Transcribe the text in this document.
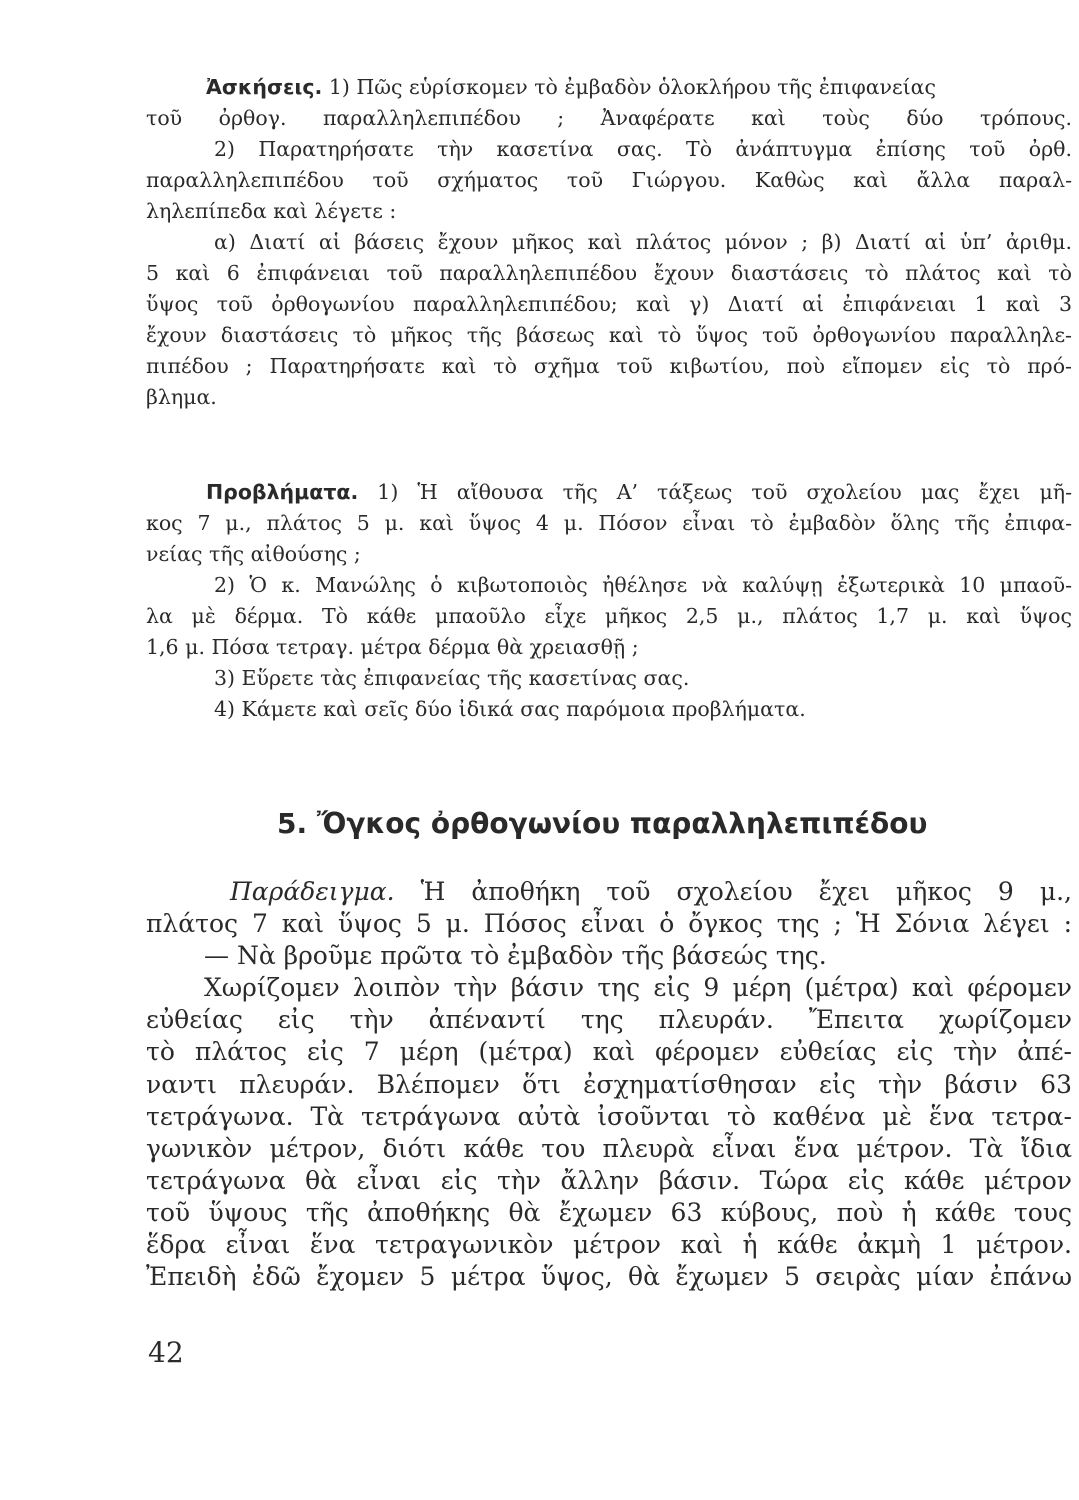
Ἀσκήσεις. 1) Πῶς εὑρίσκομεν τὸ ἐμβαδὸν ὁλοκλήρου τῆς ἐπιφανείας
τοῦ ὀρθογ. παραλληλεπιπέδου ; Ἀναφέρατε καὶ τοὺς δύο τρόπους.
2) Παρατηρήσατε τὴν κασετίνα σας. Τὸ ἀνάπτυγμα ἐπίσης τοῦ ὀρθ.
παραλληλεπιπέδου τοῦ σχήματος τοῦ Γιώργου. Καθὼς καὶ ἄλλα παραλ-
ληλεπίπεδα καὶ λέγετε :
α) Διατί αἱ βάσεις ἔχουν μῆκος καὶ πλάτος μόνον ; β) Διατί αἱ ὑπ’ ἀριθμ.
5 καὶ 6 ἐπιφάνειαι τοῦ παραλληλεπιπέδου ἔχουν διαστάσεις τὸ πλάτος καὶ τὸ
ὕψος τοῦ ὀρθογωνίου παραλληλεπιπέδου; καὶ γ) Διατί αἱ ἐπιφάνειαι 1 καὶ 3
ἔχουν διαστάσεις τὸ μῆκος τῆς βάσεως καὶ τὸ ὕψος τοῦ ὀρθογωνίου παραλληλε-
πιπέδου ; Παρατηρήσατε καὶ τὸ σχῆμα τοῦ κιβωτίου, ποὺ εἴπομεν εἰς τὸ πρό-
βλημα.
Προβλήματα. 1) Ἡ αἴθουσα τῆς Α’ τάξεως τοῦ σχολείου μας ἔχει μῆ-
κος 7 μ., πλάτος 5 μ. καὶ ὕψος 4 μ. Πόσον εἶναι τὸ ἐμβαδὸν ὅλης τῆς ἐπιφα-
νείας τῆς αἰθούσης ;
2) Ὁ κ. Μανώλης ὁ κιβωτοποιὸς ἠθέλησε νὰ καλύψῃ ἐξωτερικὰ 10 μπαοῦ-
λα μὲ δέρμα. Τὸ κάθε μπαοῦλο εἶχε μῆκος 2,5 μ., πλάτος 1,7 μ. καὶ ὕψος
1,6 μ. Πόσα τετραγ. μέτρα δέρμα θὰ χρειασθῇ ;
3) Εὕρετε τὰς ἐπιφανείας τῆς κασετίνας σας.
4) Κάμετε καὶ σεῖς δύο ἰδικά σας παρόμοια προβλήματα.
5. Ὄγκος ὀρθογωνίου παραλληλεπιπέδου
Παράδειγμα. Ἡ ἀποθήκη τοῦ σχολείου ἔχει μῆκος 9 μ.,
πλάτος 7 καὶ ὕψος 5 μ. Πόσος εἶναι ὁ ὄγκος της ; Ἡ Σόνια λέγει :
— Νὰ βροῦμε πρῶτα τὸ ἐμβαδὸν τῆς βάσεώς της.
Χωρίζομεν λοιπὸν τὴν βάσιν της εἰς 9 μέρη (μέτρα) καὶ φέρομεν
εὐθείας εἰς τὴν ἀπέναντί της πλευράν. Ἔπειτα χωρίζομεν
τὸ πλάτος εἰς 7 μέρη (μέτρα) καὶ φέρομεν εὐθείας εἰς τὴν ἀπέ-
ναντι πλευράν. Βλέπομεν ὅτι ἐσχηματίσθησαν εἰς τὴν βάσιν 63
τετράγωνα. Τὰ τετράγωνα αὐτὰ ἰσοῦνται τὸ καθένα μὲ ἕνα τετρα-
γωνικὸν μέτρον, διότι κάθε του πλευρὰ εἶναι ἕνα μέτρον. Τὰ ἴδια
τετράγωνα θὰ εἶναι εἰς τὴν ἄλλην βάσιν. Τώρα εἰς κάθε μέτρον
τοῦ ὕψους τῆς ἀποθήκης θὰ ἔχωμεν 63 κύβους, ποὺ ἡ κάθε τους
ἕδρα εἶναι ἕνα τετραγωνικὸν μέτρον καὶ ἡ κάθε ἀκμὴ 1 μέτρον.
Ἐπειδὴ ἐδῶ ἔχομεν 5 μέτρα ὕψος, θὰ ἔχωμεν 5 σειρὰς μίαν ἐπάνω
42
